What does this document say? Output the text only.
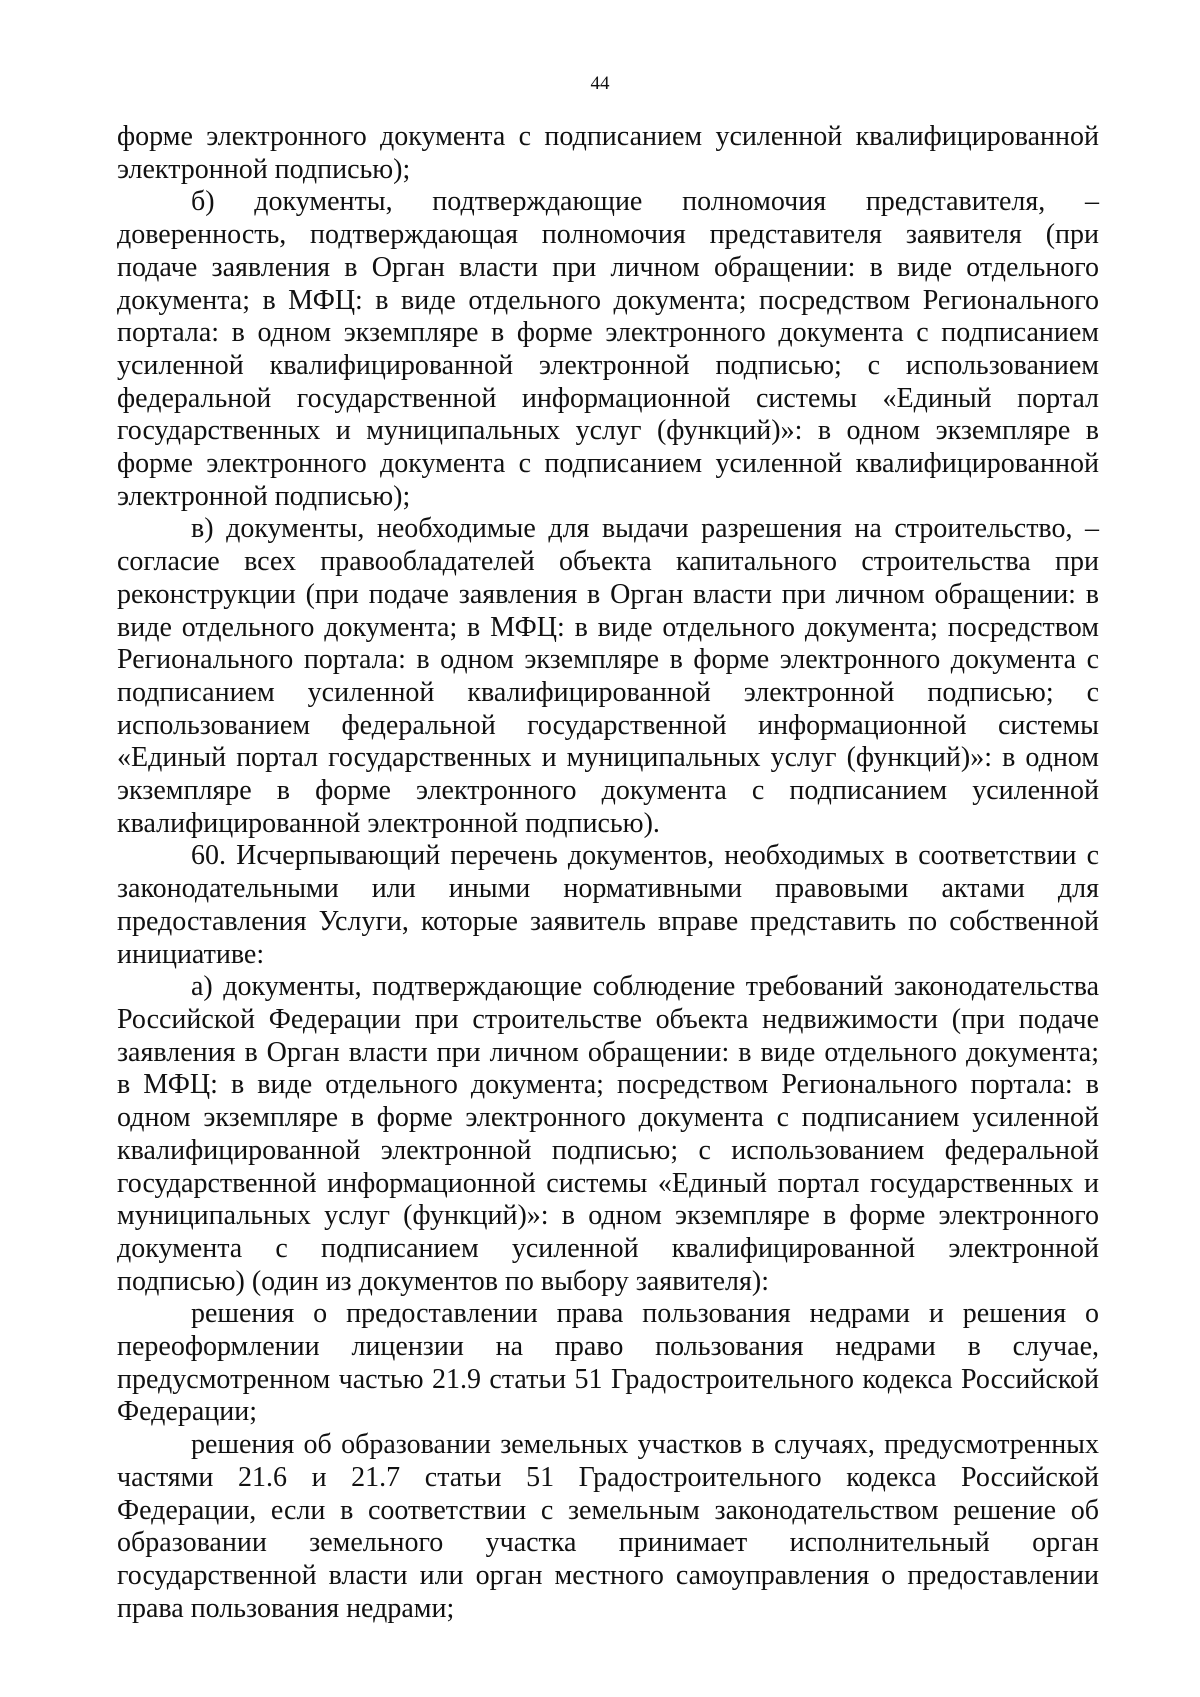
44

форме электронного документа с подписанием усиленной квалифицированной электронной подписью);

б) документы, подтверждающие полномочия представителя, – доверенность, подтверждающая полномочия представителя заявителя (при подаче заявления в Орган власти при личном обращении: в виде отдельного документа; в МФЦ: в виде отдельного документа; посредством Регионального портала: в одном экземпляре в форме электронного документа с подписанием усиленной квалифицированной электронной подписью; с использованием федеральной государственной информационной системы «Единый портал государственных и муниципальных услуг (функций)»: в одном экземпляре в форме электронного документа с подписанием усиленной квалифицированной электронной подписью);

в) документы, необходимые для выдачи разрешения на строительство, – согласие всех правообладателей объекта капитального строительства при реконструкции (при подаче заявления в Орган власти при личном обращении: в виде отдельного документа; в МФЦ: в виде отдельного документа; посредством Регионального портала: в одном экземпляре в форме электронного документа с подписанием усиленной квалифицированной электронной подписью; с использованием федеральной государственной информационной системы «Единый портал государственных и муниципальных услуг (функций)»: в одном экземпляре в форме электронного документа с подписанием усиленной квалифицированной электронной подписью).

60. Исчерпывающий перечень документов, необходимых в соответствии с законодательными или иными нормативными правовыми актами для предоставления Услуги, которые заявитель вправе представить по собственной инициативе:

а) документы, подтверждающие соблюдение требований законодательства Российской Федерации при строительстве объекта недвижимости (при подаче заявления в Орган власти при личном обращении: в виде отдельного документа; в МФЦ: в виде отдельного документа; посредством Регионального портала: в одном экземпляре в форме электронного документа с подписанием усиленной квалифицированной электронной подписью; с использованием федеральной государственной информационной системы «Единый портал государственных и муниципальных услуг (функций)»: в одном экземпляре в форме электронного документа с подписанием усиленной квалифицированной электронной подписью) (один из документов по выбору заявителя):

решения о предоставлении права пользования недрами и решения о переоформлении лицензии на право пользования недрами в случае, предусмотренном частью 21.9 статьи 51 Градостроительного кодекса Российской Федерации;

решения об образовании земельных участков в случаях, предусмотренных частями 21.6 и 21.7 статьи 51 Градостроительного кодекса Российской Федерации, если в соответствии с земельным законодательством решение об образовании земельного участка принимает исполнительный орган государственной власти или орган местного самоуправления о предоставлении права пользования недрами;
